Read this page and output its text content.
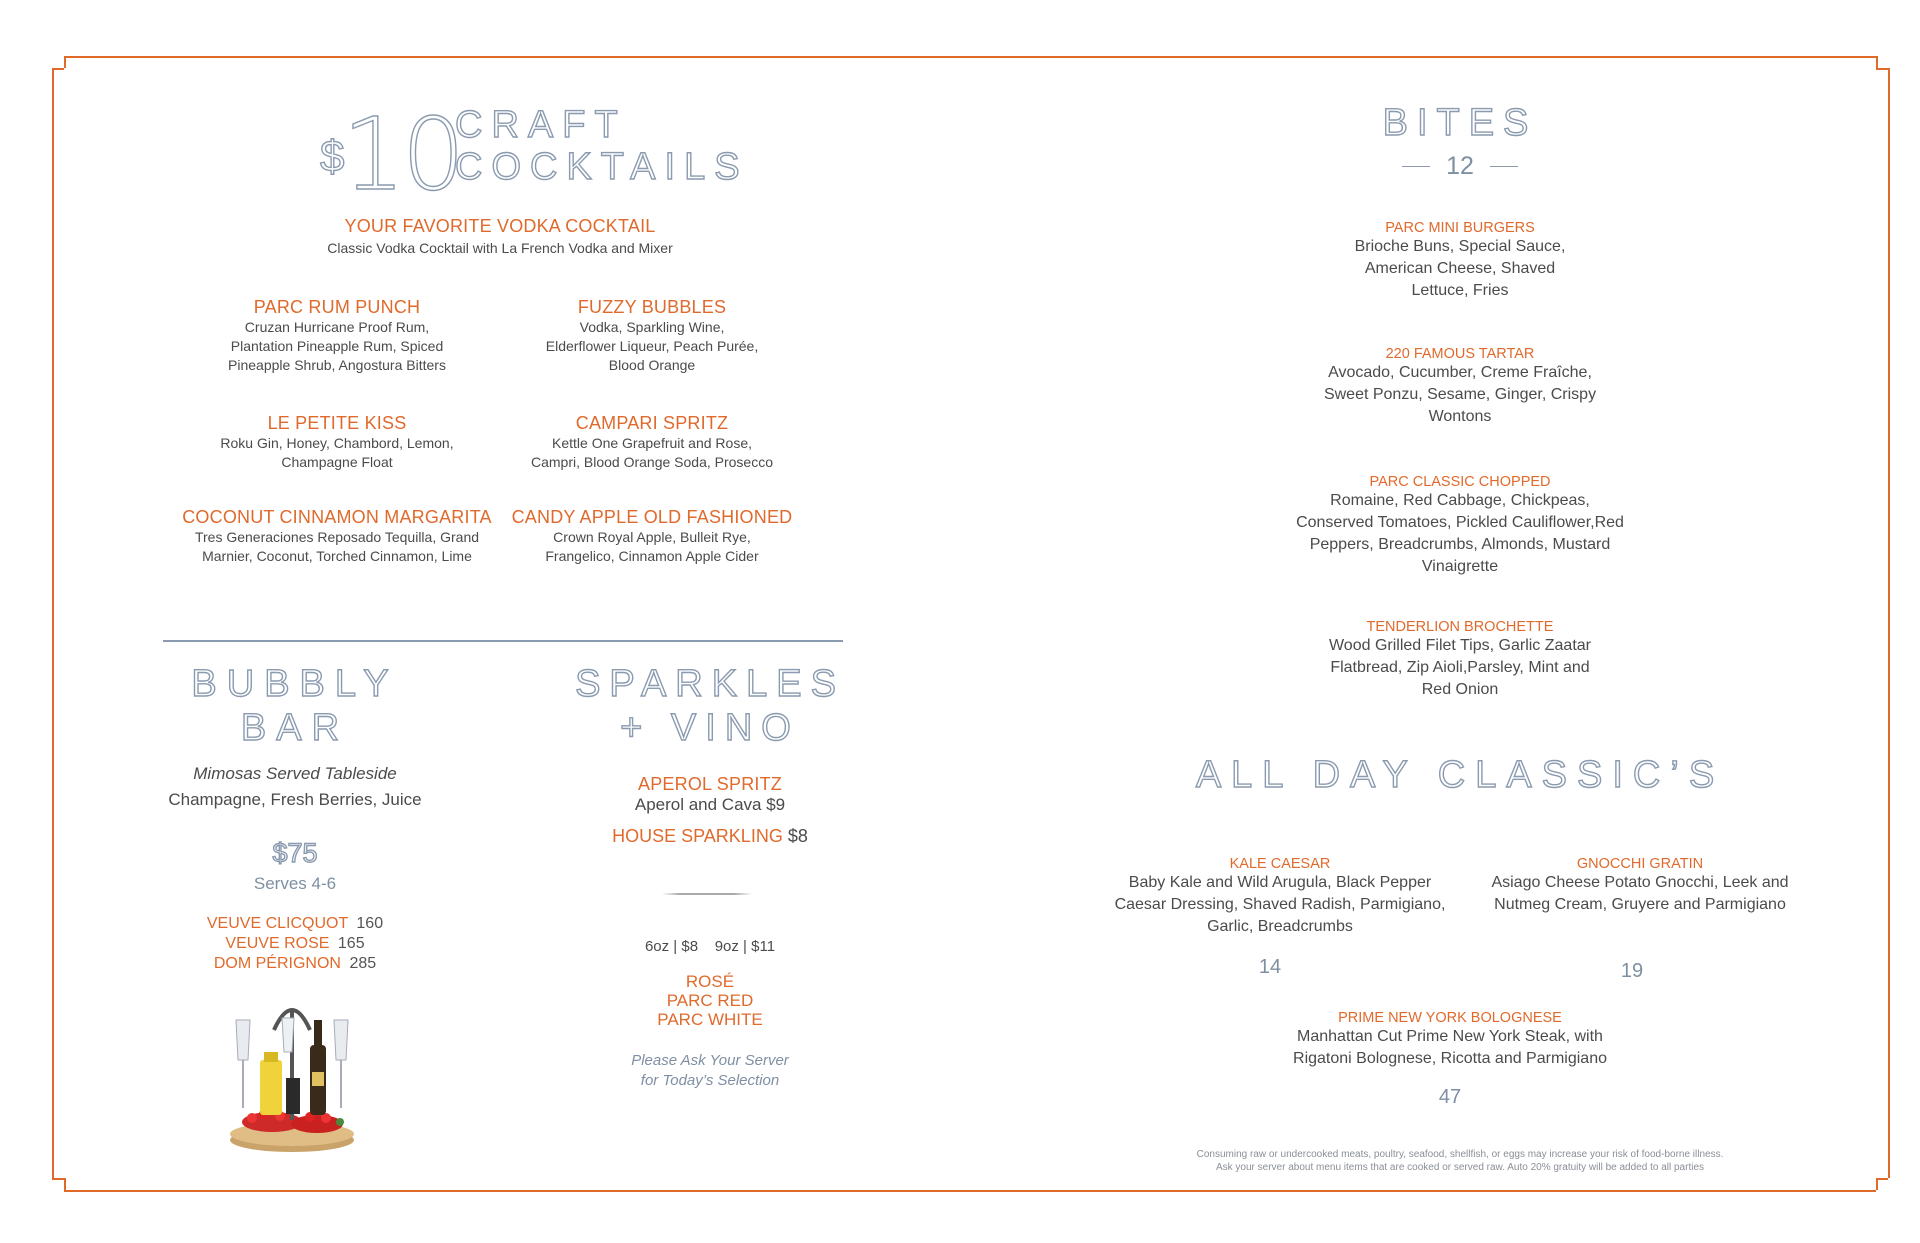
$
10
CRAFT
COCKTAILS
YOUR FAVORITE VODKA COCKTAIL
Classic Vodka Cocktail with La French Vodka and Mixer
PARC RUM PUNCH
Cruzan Hurricane Proof Rum,
Plantation Pineapple Rum, Spiced
Pineapple Shrub, Angostura Bitters
FUZZY BUBBLES
Vodka, Sparkling Wine,
Elderflower Liqueur, Peach Purée,
Blood Orange
LE PETITE KISS
Roku Gin, Honey, Chambord, Lemon,
Champagne Float
CAMPARI SPRITZ
Kettle One Grapefruit and Rose,
Campri, Blood Orange Soda, Prosecco
COCONUT CINNAMON MARGARITA
Tres Generaciones Reposado Tequilla, Grand
Marnier, Coconut, Torched Cinnamon, Lime
CANDY APPLE OLD FASHIONED
Crown Royal Apple, Bulleit Rye,
Frangelico, Cinnamon Apple Cider
BUBBLY
BAR
Mimosas Served Tableside
Champagne, Fresh Berries, Juice
$75
Serves 4-6
VEUVE CLICQUOT 160
VEUVE ROSE 165
DOM PÉRIGNON 285
SPARKLES
+ VINO
APEROL SPRITZ
Aperol and Cava $9
HOUSE SPARKLING $8
6oz | $8    9oz | $11
ROSÉ
PARC RED
PARC WHITE
Please Ask Your Server
for Today’s Selection
BITES
12
PARC MINI BURGERS
Brioche Buns, Special Sauce,
American Cheese, Shaved
Lettuce, Fries
220 FAMOUS TARTAR
Avocado, Cucumber, Creme Fraîche,
Sweet Ponzu, Sesame, Ginger, Crispy
Wontons
PARC CLASSIC CHOPPED
Romaine, Red Cabbage, Chickpeas,
Conserved Tomatoes, Pickled Cauliflower,Red
Peppers, Breadcrumbs, Almonds, Mustard
Vinaigrette
TENDERLION BROCHETTE
Wood Grilled Filet Tips, Garlic Zaatar
Flatbread, Zip Aioli,Parsley, Mint and
Red Onion
ALL DAY CLASSIC’S
KALE CAESAR
Baby Kale and Wild Arugula, Black Pepper
Caesar Dressing, Shaved Radish, Parmigiano,
Garlic, Breadcrumbs
14
GNOCCHI GRATIN
Asiago Cheese Potato Gnocchi, Leek and
Nutmeg Cream, Gruyere and Parmigiano
19
PRIME NEW YORK BOLOGNESE
Manhattan Cut Prime New York Steak, with
Rigatoni Bolognese, Ricotta and Parmigiano
47
Consuming raw or undercooked meats, poultry, seafood, shellfish, or eggs may increase your risk of food-borne illness.
Ask your server about menu items that are cooked or served raw. Auto 20% gratuity will be added to all parties
